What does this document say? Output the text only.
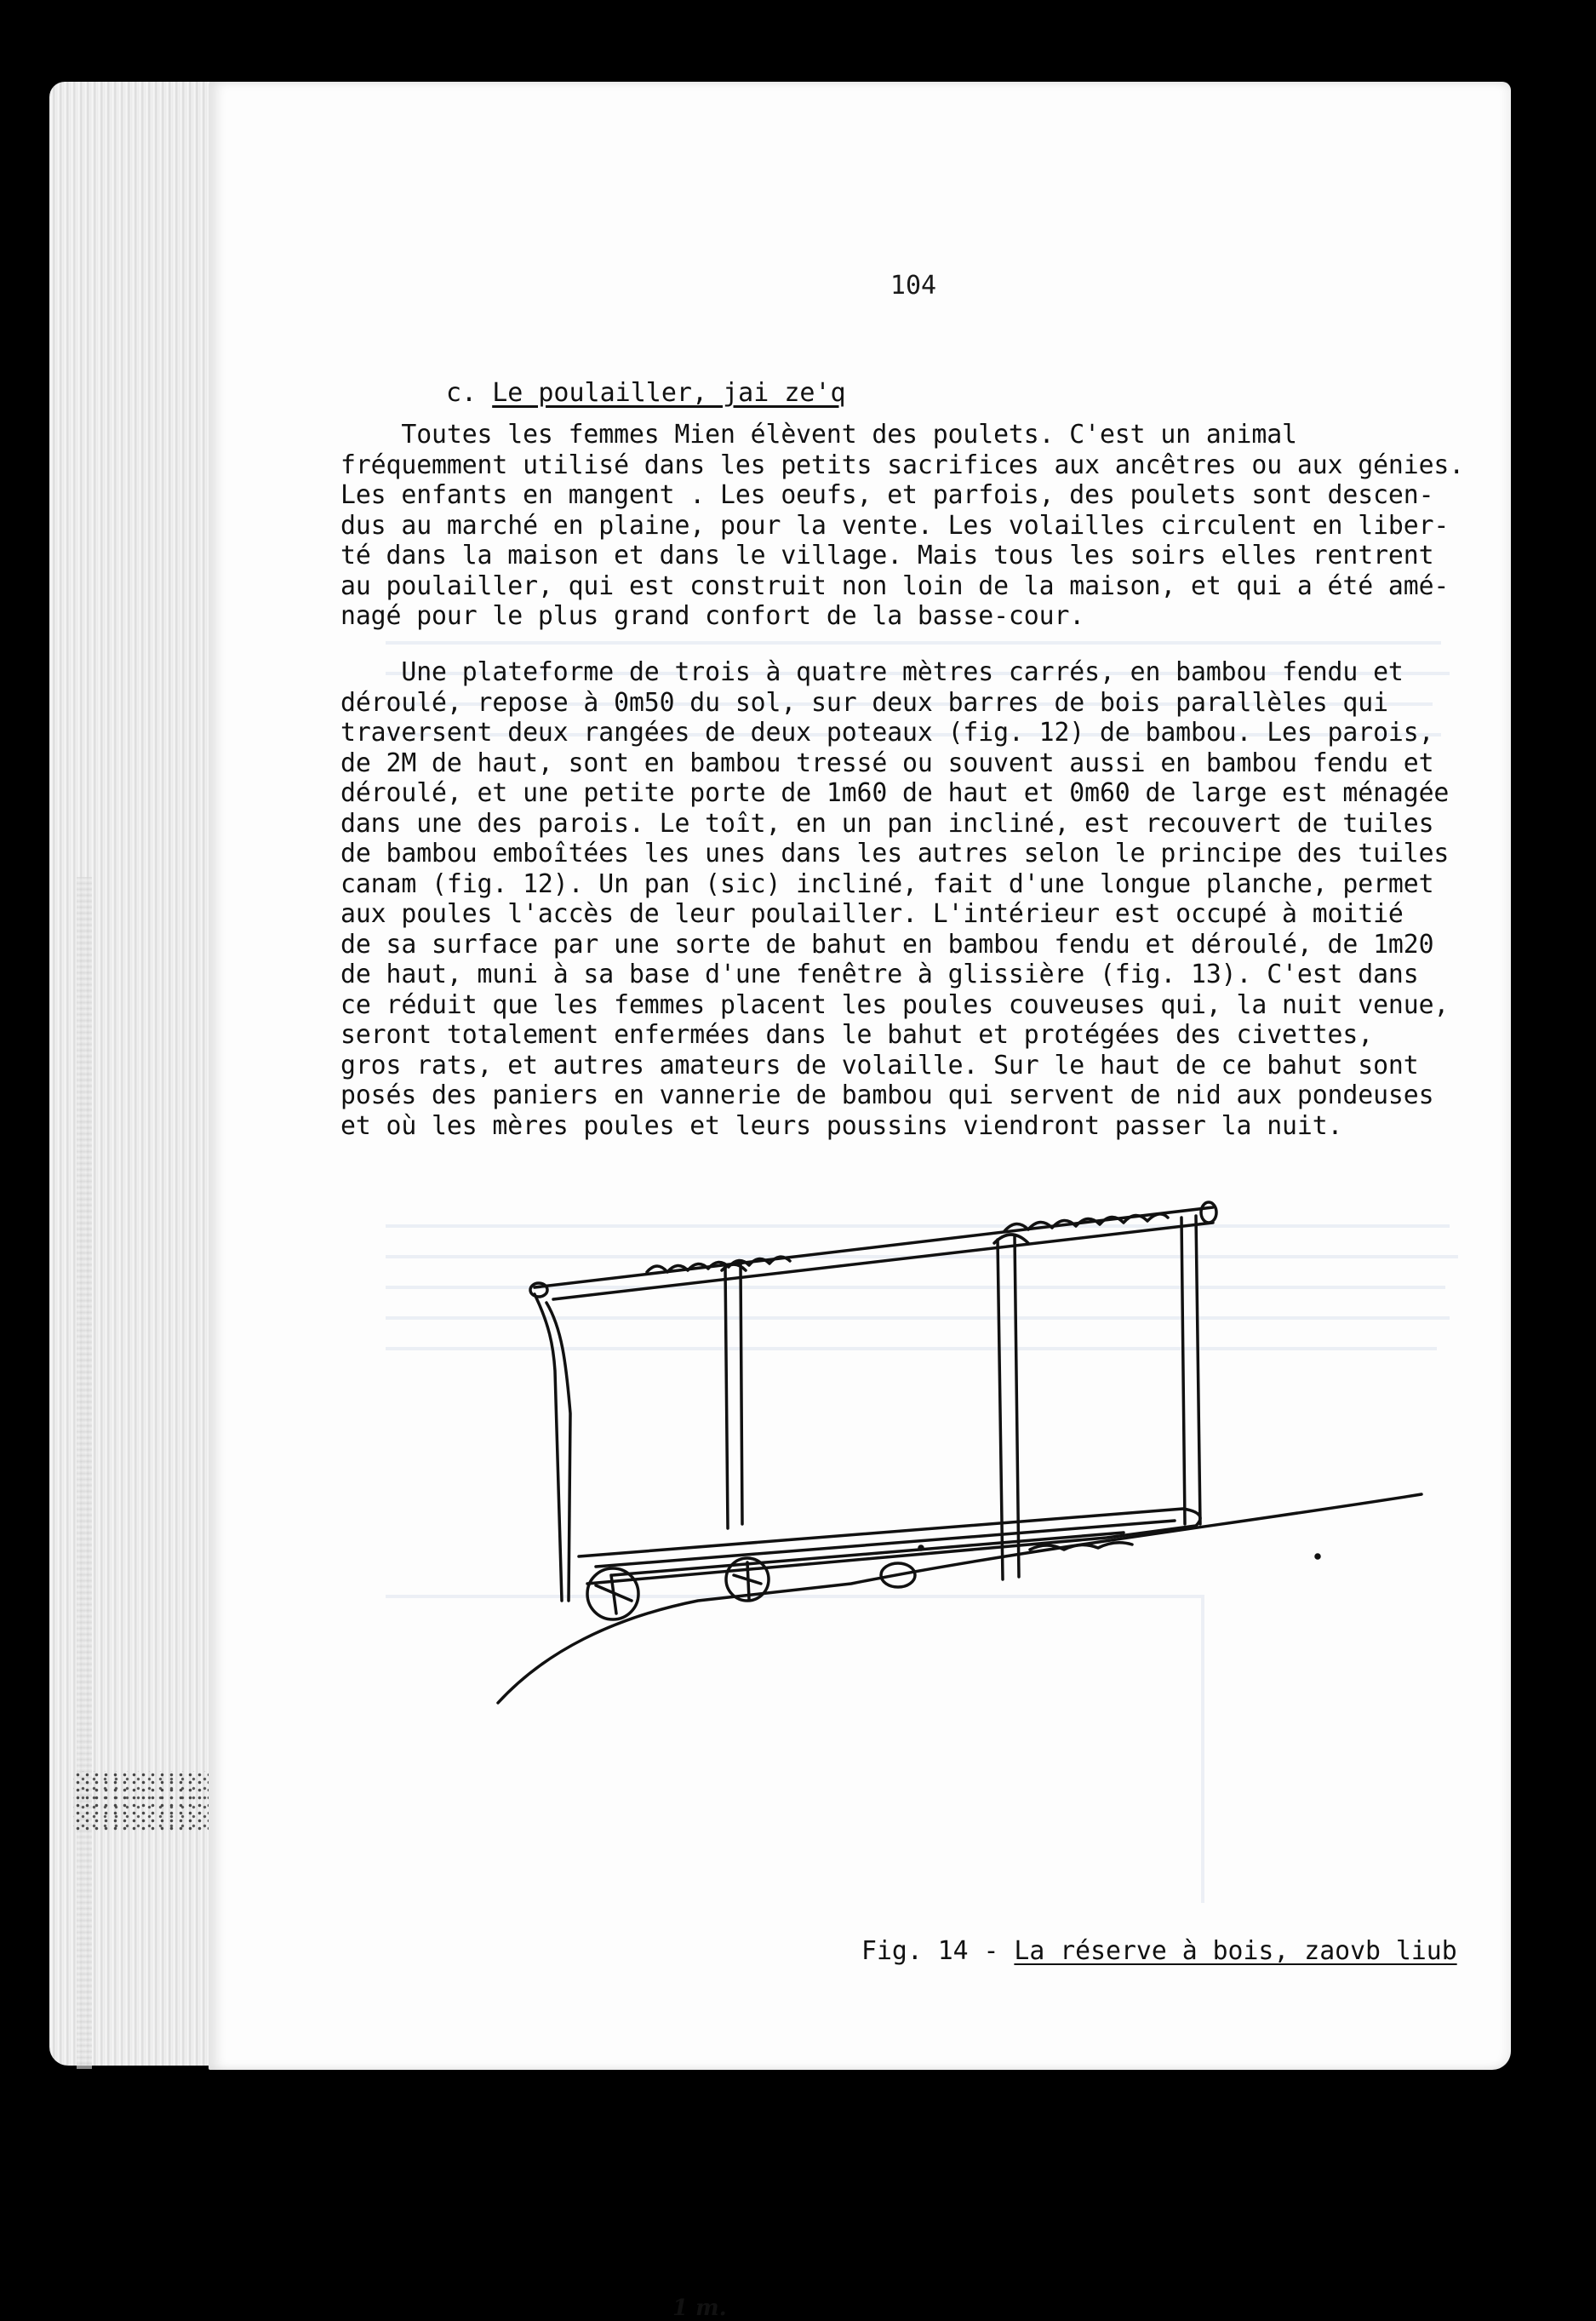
104
c. Le poulailler, jai ze'q
Toutes les femmes Mien élèvent des poulets. C'est un animal
fréquemment utilisé dans les petits sacrifices aux ancêtres ou aux génies.
Les enfants en mangent . Les oeufs, et parfois, des poulets sont descen-
dus au marché en plaine, pour la vente. Les volailles circulent en liber-
té dans la maison et dans le village. Mais tous les soirs elles rentrent
au poulailler, qui est construit non loin de la maison, et qui a été amé-
nagé pour le plus grand confort de la basse-cour.
Une plateforme de trois à quatre mètres carrés, en bambou fendu et
déroulé, repose à 0m50 du sol, sur deux barres de bois parallèles qui
traversent deux rangées de deux poteaux (fig. 12) de bambou. Les parois,
de 2M de haut, sont en bambou tressé ou souvent aussi en bambou fendu et
déroulé, et une petite porte de 1m60 de haut et 0m60 de large est ménagée
dans une des parois. Le toît, en un pan incliné, est recouvert de tuiles
de bambou emboîtées les unes dans les autres selon le principe des tuiles
canam (fig. 12). Un pan (sic) incliné, fait d'une longue planche, permet
aux poules l'accès de leur poulailler. L'intérieur est occupé à moitié
de sa surface par une sorte de bahut en bambou fendu et déroulé, de 1m20
de haut, muni à sa base d'une fenêtre à glissière (fig. 13). C'est dans
ce réduit que les femmes placent les poules couveuses qui, la nuit venue,
seront totalement enfermées dans le bahut et protégées des civettes,
gros rats, et autres amateurs de volaille. Sur le haut de ce bahut sont
posés des paniers en vannerie de bambou qui servent de nid aux pondeuses
et où les mères poules et leurs poussins viendront passer la nuit.
1 m.
Fig. 14 - La réserve à bois, zaovb liub
